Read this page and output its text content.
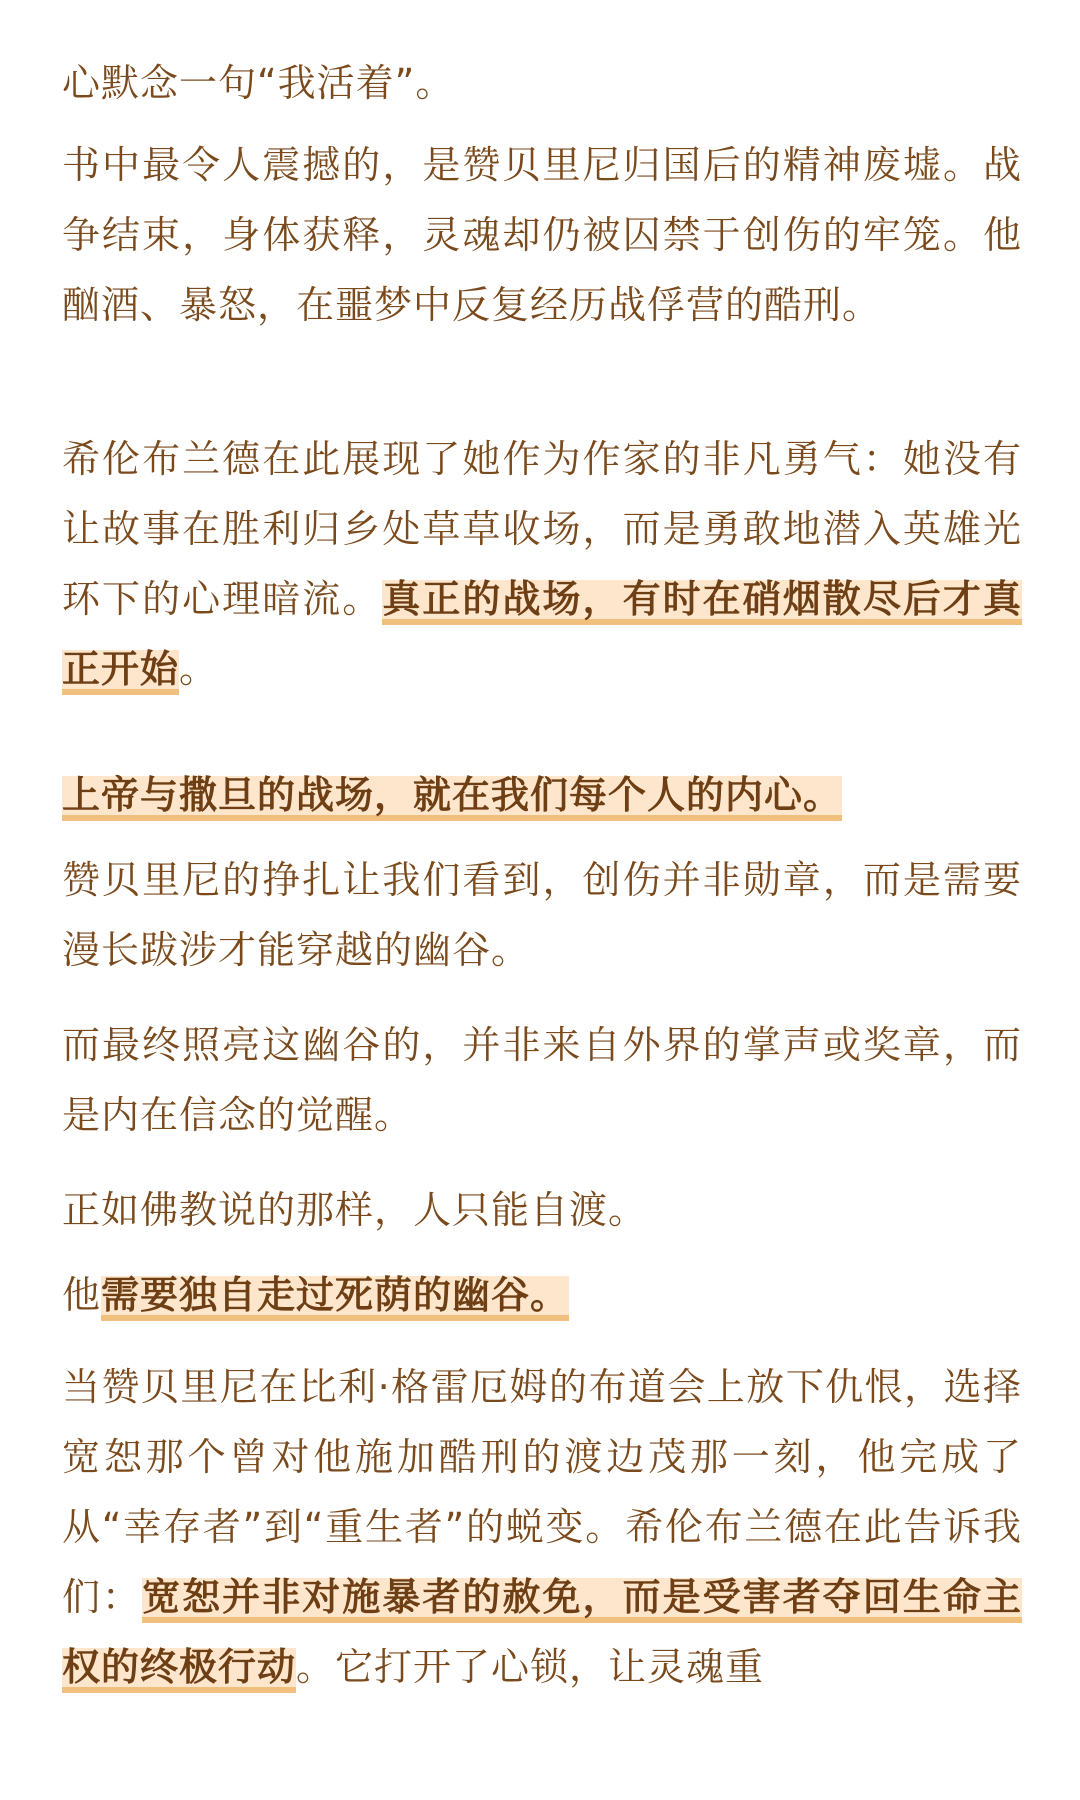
心默念一句“我活着”。

书中最令人震撼的，是赞贝里尼归国后的精神废墟。战争结束，身体获释，灵魂却仍被囚禁于创伤的牢笼。他酗酒、暴怒，在噩梦中反复经历战俘营的酷刑。

希伦布兰德在此展现了她作为作家的非凡勇气：她没有让故事在胜利归乡处草草收场，而是勇敢地潜入英雄光环下的心理暗流。真正的战场，有时在硝烟散尽后才真正开始。

上帝与撒旦的战场，就在我们每个人的内心。

赞贝里尼的挣扎让我们看到，创伤并非勋章，而是需要漫长跋涉才能穿越的幽谷。

而最终照亮这幽谷的，并非来自外界的掌声或奖章，而是内在信念的觉醒。

正如佛教说的那样，人只能自渡。

他需要独自走过死荫的幽谷。

当赞贝里尼在比利·格雷厄姆的布道会上放下仇恨，选择宽恕那个曾对他施加酷刑的渡边茂那一刻，他完成了从“幸存者”到“重生者”的蜕变。希伦布兰德在此告诉我们：宽恕并非对施暴者的赦免，而是受害者夺回生命主权的终极行动。它打开了心锁，让灵魂重
